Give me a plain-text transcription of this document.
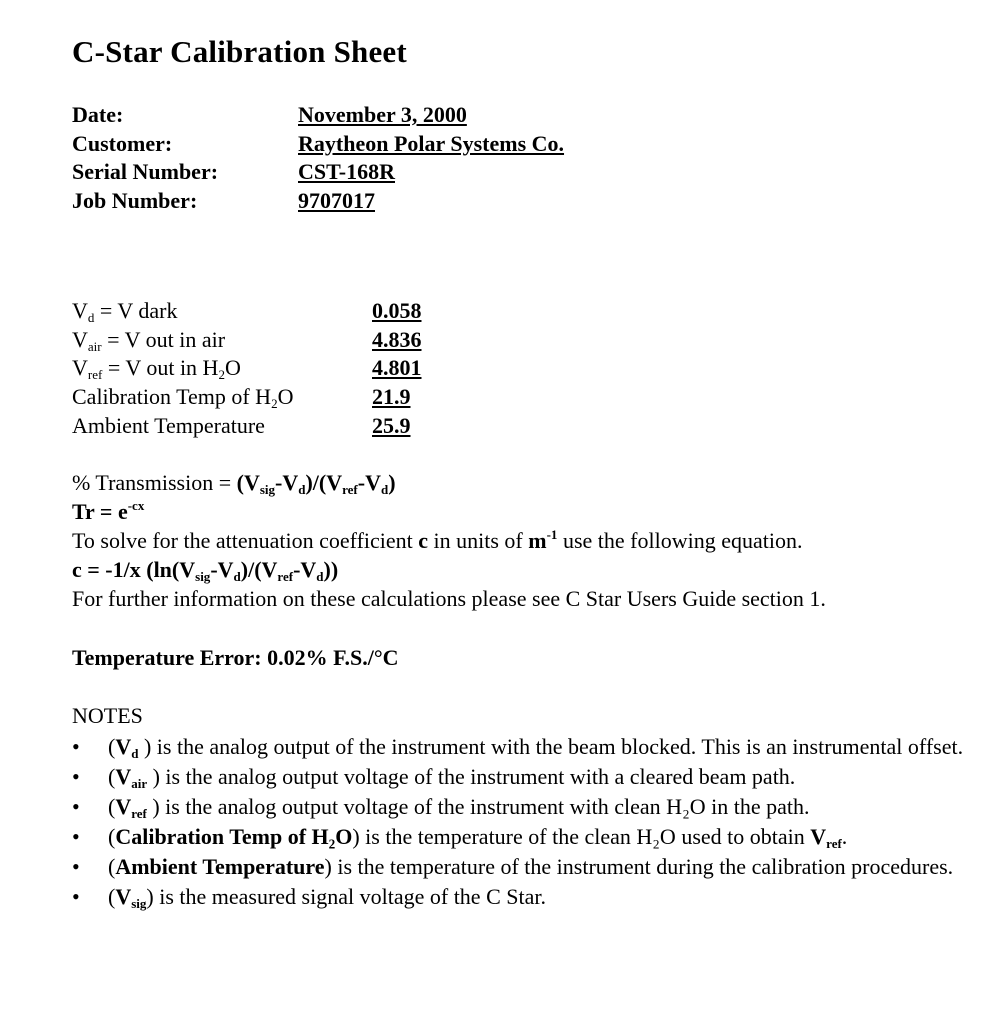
C-Star Calibration Sheet
Date:	November 3, 2000
Customer:	Raytheon Polar Systems Co.
Serial Number:	CST-168R
Job Number:	9707017
$V_d = V$ dark	0.058
$V_{air} = V$ out in air	4.836
$V_{ref} = V$ out in $H_2O$	4.801
Calibration Temp of $H_2O$	21.9
Ambient Temperature	25.9
% Transmission = $(V_{sig}-V_d)/(V_{ref}-V_d)$
$Tr = e^{-cx}$
To solve for the attenuation coefficient c in units of $m^{-1}$ use the following equation.
c = -1/x $(\ln(V_{sig}-V_d)/(V_{ref}-V_d))$
For further information on these calculations please see C Star Users Guide section 1.
Temperature Error: 0.02% F.S./°C
NOTES
• ($V_d$ ) is the analog output of the instrument with the beam blocked. This is an instrumental offset.
• ($V_{air}$ ) is the analog output voltage of the instrument with a cleared beam path.
• ($V_{ref}$ ) is the analog output voltage of the instrument with clean H₂O in the path.
• (Calibration Temp of H₂O) is the temperature of the clean H₂O used to obtain $V_{ref}$.
• (Ambient Temperature) is the temperature of the instrument during the calibration procedures.
• $(V_{sig})$ is the measured signal voltage of the C Star.
